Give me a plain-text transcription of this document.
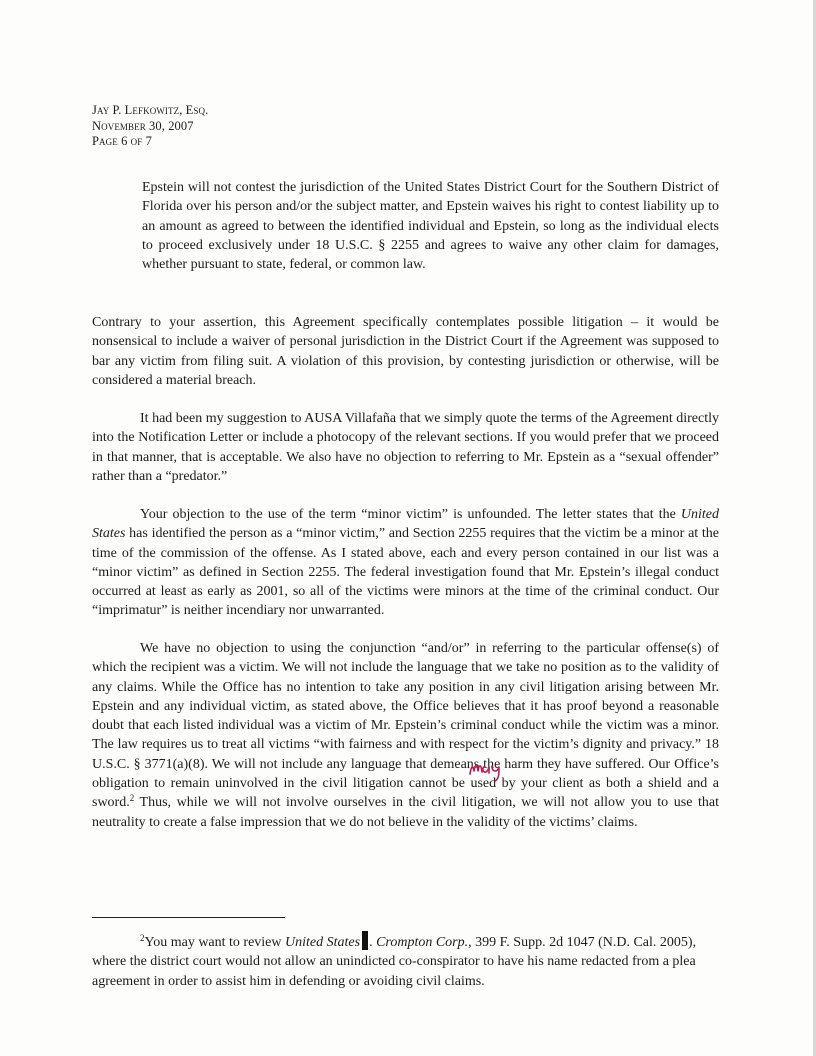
Jay P. Lefkowitz, Esq.
November 30, 2007
Page 6 of 7
Epstein will not contest the jurisdiction of the United States District Court for the Southern District of Florida over his person and/or the subject matter, and Epstein waives his right to contest liability up to an amount as agreed to between the identified individual and Epstein, so long as the individual elects to proceed exclusively under 18 U.S.C. § 2255 and agrees to waive any other claim for damages, whether pursuant to state, federal, or common law.
Contrary to your assertion, this Agreement specifically contemplates possible litigation – it would be nonsensical to include a waiver of personal jurisdiction in the District Court if the Agreement was supposed to bar any victim from filing suit. A violation of this provision, by contesting jurisdiction or otherwise, will be considered a material breach.
It had been my suggestion to AUSA Villafaña that we simply quote the terms of the Agreement directly into the Notification Letter or include a photocopy of the relevant sections. If you would prefer that we proceed in that manner, that is acceptable. We also have no objection to referring to Mr. Epstein as a “sexual offender” rather than a “predator.”
Your objection to the use of the term “minor victim” is unfounded. The letter states that the United States has identified the person as a “minor victim,” and Section 2255 requires that the victim be a minor at the time of the commission of the offense. As I stated above, each and every person contained in our list was a “minor victim” as defined in Section 2255. The federal investigation found that Mr. Epstein’s illegal conduct occurred at least as early as 2001, so all of the victims were minors at the time of the criminal conduct. Our “imprimatur” is neither incendiary nor unwarranted.
We have no objection to using the conjunction “and/or” in referring to the particular offense(s) of which the recipient was a victim. We will not include the language that we take no position as to the validity of any claims. While the Office has no intention to take any position in any civil litigation arising between Mr. Epstein and any individual victim, as stated above, the Office believes that it has proof beyond a reasonable doubt that each listed individual was a victim of Mr. Epstein’s criminal conduct while the victim was a minor. The law requires us to treat all victims “with fairness and with respect for the victim’s dignity and privacy.” 18 U.S.C. § 3771(a)(8). We will not include any language that demeans the harm they have suffered. Our Office’s obligation to remain uninvolved in the civil litigation cannot be used by your client as both a shield and a sword.$^2$ Thus, while we will not involve ourselves in the civil litigation, we will not allow you to use that neutrality to create a false impression that we do not believe in the validity of the victims’ claims.
$^2$You may want to review United States . Crompton Corp., 399 F. Supp. 2d 1047 (N.D. Cal. 2005), where the district court would not allow an unindicted co-conspirator to have his name redacted from a plea agreement in order to assist him in defending or avoiding civil claims.
